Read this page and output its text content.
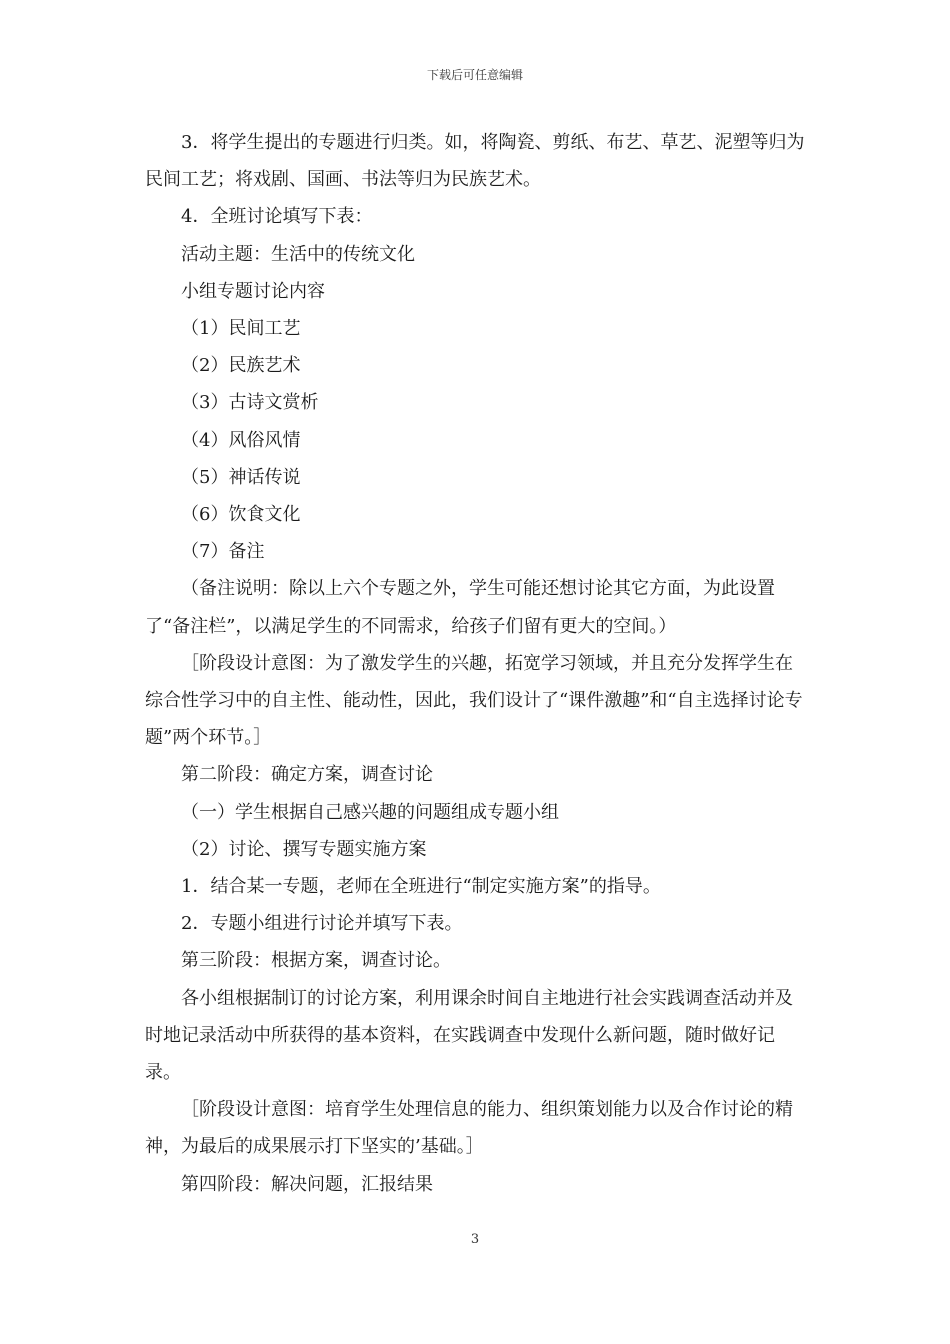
下载后可任意编辑

3．将学生提出的专题进行归类。如，将陶瓷、剪纸、布艺、草艺、泥塑等归为民间工艺；将戏剧、国画、书法等归为民族艺术。

4．全班讨论填写下表：

活动主题：生活中的传统文化

小组专题讨论内容

（1）民间工艺

（2）民族艺术

（3）古诗文赏析

（4）风俗风情

（5）神话传说

（6）饮食文化

（7）备注

（备注说明：除以上六个专题之外，学生可能还想讨论其它方面，为此设置了“备注栏”，以满足学生的不同需求，给孩子们留有更大的空间。）

［阶段设计意图：为了激发学生的兴趣，拓宽学习领域，并且充分发挥学生在综合性学习中的自主性、能动性，因此，我们设计了“课件激趣”和“自主选择讨论专题”两个环节。］

第二阶段：确定方案，调查讨论

（一）学生根据自己感兴趣的问题组成专题小组

（2）讨论、撰写专题实施方案

1．结合某一专题，老师在全班进行“制定实施方案”的指导。

2．专题小组进行讨论并填写下表。

第三阶段：根据方案，调查讨论。

各小组根据制订的讨论方案，利用课余时间自主地进行社会实践调查活动并及时地记录活动中所获得的基本资料，在实践调查中发现什么新问题，随时做好记录。

［阶段设计意图：培育学生处理信息的能力、组织策划能力以及合作讨论的精神，为最后的成果展示打下坚实的’基础。］

第四阶段：解决问题，汇报结果

3
